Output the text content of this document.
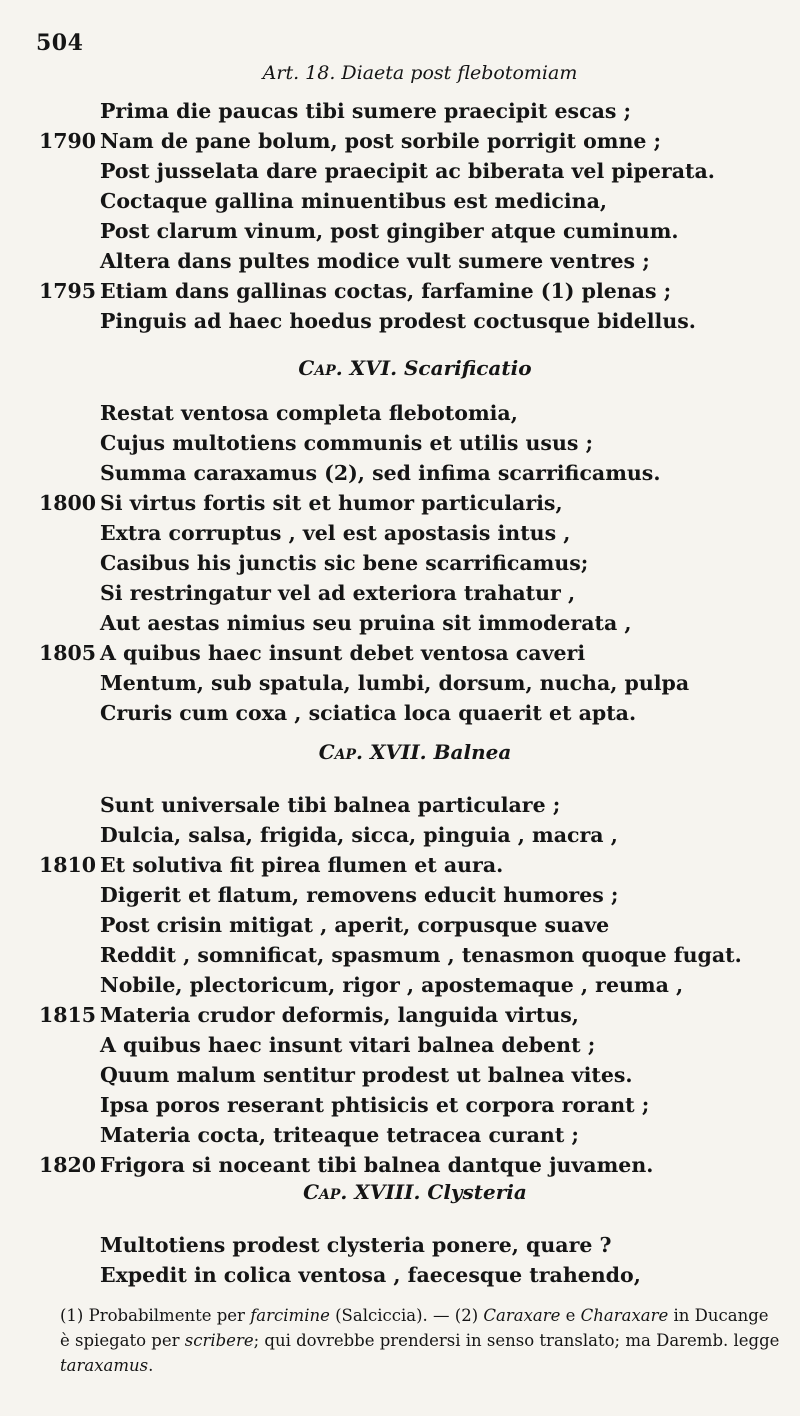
504
Art. 18. Diaeta post flebotomiam
Prima die paucas tibi sumere praecipit escas ;
1790 Nam de pane bolum, post sorbile porrigit omne ;
Post jusselata dare praecipit ac biberata vel piperata.
Coctaque gallina minuentibus est medicina,
Post clarum vinum, post gingiber atque cuminum.
Altera dans pultes modice vult sumere ventres ;
1795 Etiam dans gallinas coctas, farfamine (1) plenas ;
Pinguis ad haec hoedus prodest coctusque bidellus.
Cap. XVI. Scarificatio
Restat ventosa completa flebotomia,
Cujus multotiens communis et utilis usus ;
Summa caraxamus (2), sed infima scarrificamus.
1800 Si virtus fortis sit et humor particularis,
Extra corruptus , vel est apostasis intus ,
Casibus his junctis sic bene scarrificamus;
Si restringatur vel ad exteriora trahatur ,
Aut aestas nimius seu pruina sit immoderata ,
1805 A quibus haec insunt debet ventosa caveri
Mentum, sub spatula, lumbi, dorsum, nucha, pulpa
Cruris cum coxa , sciatica loca quaerit et apta.
Cap. XVII. Balnea
Sunt universale tibi balnea particulare ;
Dulcia, salsa, frigida, sicca, pinguia , macra ,
1810 Et solutiva fit pirea flumen et aura.
Digerit et flatum, removens educit humores ;
Post crisin mitigat , aperit, corpusque suave
Reddit , somnificat, spasmum , tenasmon quoque fugat.
Nobile, plectoricum, rigor , apostemaque , reuma ,
1815 Materia crudor deformis, languida virtus,
A quibus haec insunt vitari balnea debent ;
Quum malum sentitur prodest ut balnea vites.
Ipsa poros reserant phtisicis et corpora rorant ;
Materia cocta, triteaque tetracea curant ;
1820 Frigora si noceant tibi balnea dantque juvamen.
Cap. XVIII. Clysteria
Multotiens prodest clysteria ponere, quare ?
Expedit in colica ventosa , faecesque trahendo,
(1) Probabilmente per farcimine (Salciccia). — (2) Caraxare e Charaxare in Ducange è spiegato per scribere; qui dovrebbe prendersi in senso translato; ma Daremb. legge taraxamus.
